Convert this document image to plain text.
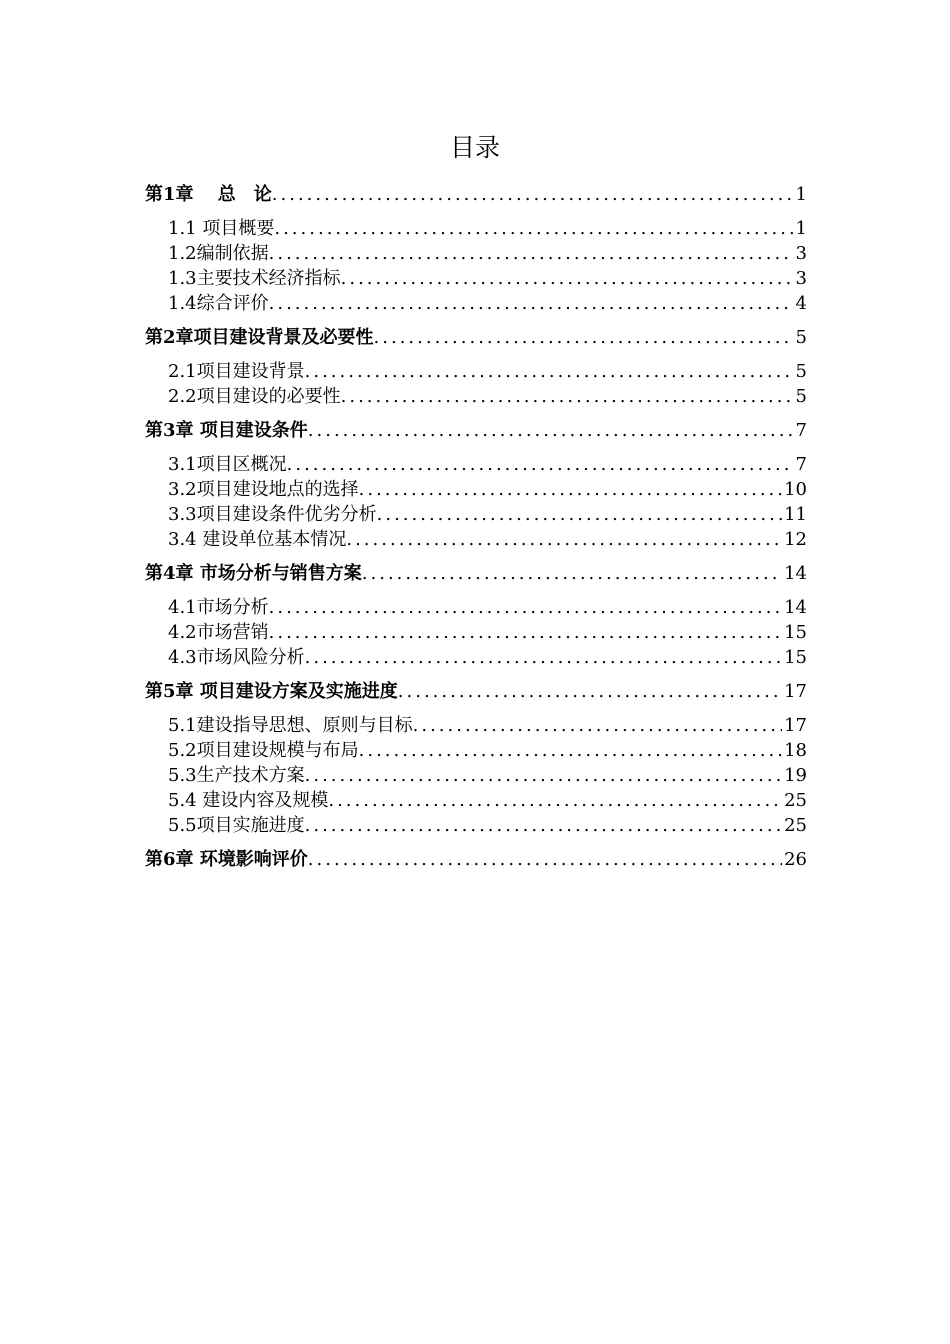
目录
第1章　 总　论 .....	1
1.1 项目概要 .....	1
1.2编制依据 .....	3
1.3主要技术经济指标 .....	3
1.4综合评价 .....	4
第2章项目建设背景及必要性 .....	5
2.1项目建设背景 .....	5
2.2项目建设的必要性 .....	5
第3章 项目建设条件 .....	7
3.1项目区概况 .....	7
3.2项目建设地点的选择 .....	10
3.3项目建设条件优劣分析 .....	11
3.4 建设单位基本情况 .....	12
第4章 市场分析与销售方案 .....	14
4.1市场分析 .....	14
4.2市场营销 .....	15
4.3市场风险分析 .....	15
第5章 项目建设方案及实施进度 .....	17
5.1建设指导思想、原则与目标 .....	17
5.2项目建设规模与布局 .....	18
5.3生产技术方案 .....	19
5.4 建设内容及规模 .....	25
5.5项目实施进度 .....	25
第6章 环境影响评价 .....	26
